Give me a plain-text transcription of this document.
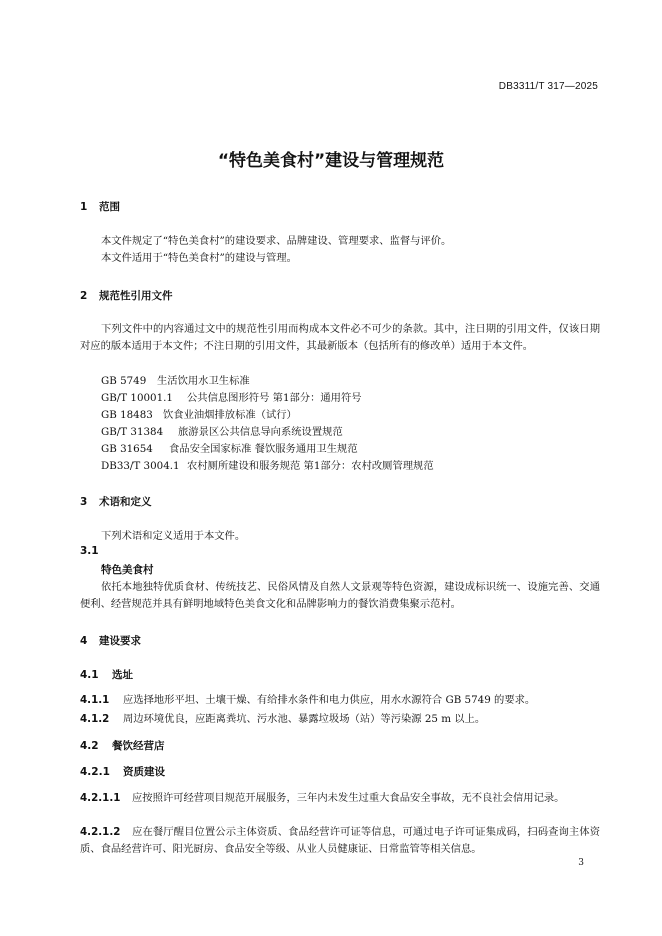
DB3311/T 317—2025
“特色美食村”建设与管理规范
1 范围
本文件规定了“特色美食村”的建设要求、品牌建设、管理要求、监督与评价。
本文件适用于“特色美食村”的建设与管理。
2 规范性引用文件
下列文件中的内容通过文中的规范性引用而构成本文件必不可少的条款。其中，注日期的引用文件，仅该日期对应的版本适用于本文件；不注日期的引用文件，其最新版本（包括所有的修改单）适用于本文件。
GB 5749 生活饮用水卫生标准
GB/T 10001.1 公共信息图形符号 第1部分：通用符号
GB 18483 饮食业油烟排放标准（试行）
GB/T 31384 旅游景区公共信息导向系统设置规范
GB 31654 食品安全国家标准 餐饮服务通用卫生规范
DB33/T 3004.1 农村厕所建设和服务规范 第1部分：农村改厕管理规范
3 术语和定义
下列术语和定义适用于本文件。
3.1
特色美食村
依托本地独特优质食材、传统技艺、民俗风情及自然人文景观等特色资源，建设成标识统一、设施完善、交通便利、经营规范并具有鲜明地域特色美食文化和品牌影响力的餐饮消费集聚示范村。
4 建设要求
4.1 选址
4.1.1 应选择地形平坦、土壤干燥、有给排水条件和电力供应，用水水源符合 GB 5749 的要求。
4.1.2 周边环境优良，应距离粪坑、污水池、暴露垃圾场（站）等污染源 25 m 以上。
4.2 餐饮经营店
4.2.1 资质建设
4.2.1.1 应按照许可经营项目规范开展服务，三年内未发生过重大食品安全事故，无不良社会信用记录。
4.2.1.2 应在餐厅醒目位置公示主体资质、食品经营许可证等信息，可通过电子许可证集成码，扫码查询主体资质、食品经营许可、阳光厨房、食品安全等级、从业人员健康证、日常监管等相关信息。
3
